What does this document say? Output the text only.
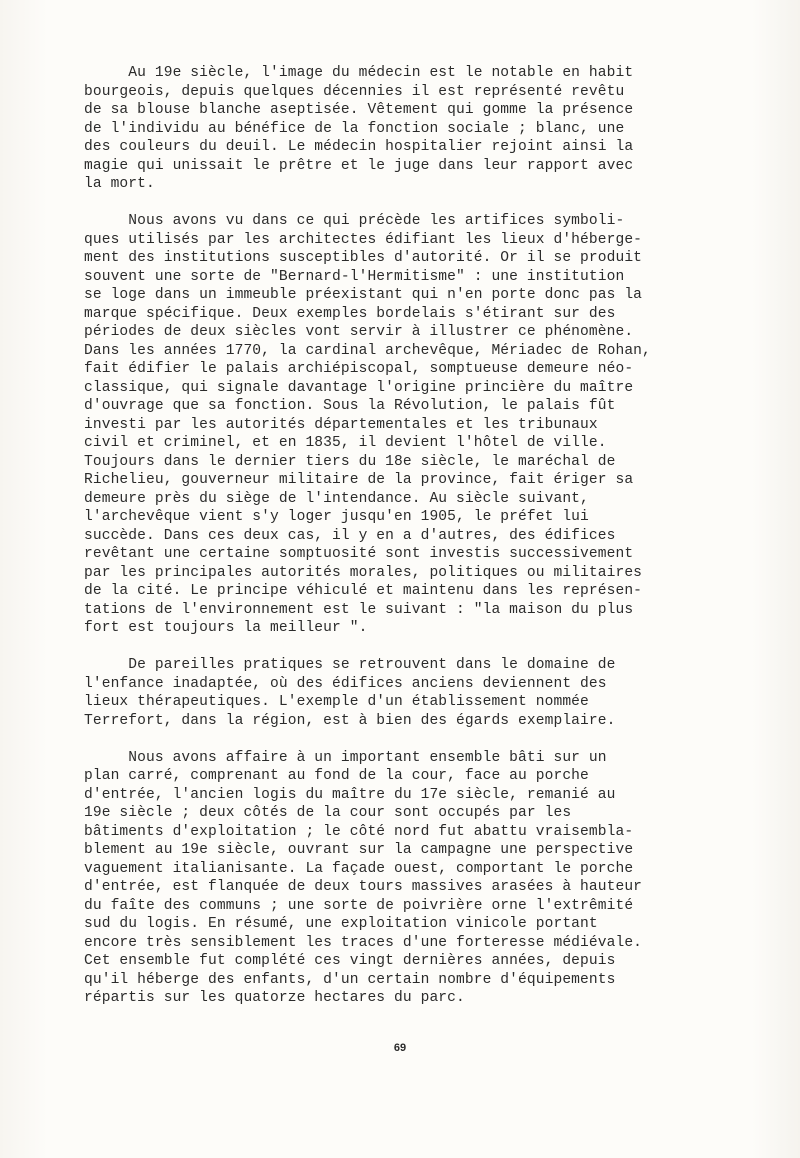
Au 19e siècle, l'image du médecin est le notable en habit
bourgeois, depuis quelques décennies il est représenté revêtu
de sa blouse blanche aseptisée. Vêtement qui gomme la présence
de l'individu au bénéfice de la fonction sociale ; blanc, une
des couleurs du deuil. Le médecin hospitalier rejoint ainsi la
magie qui unissait le prêtre et le juge dans leur rapport avec
la mort.
Nous avons vu dans ce qui précède les artifices symboli-
ques utilisés par les architectes édifiant les lieux d'héberge-
ment des institutions susceptibles d'autorité. Or il se produit
souvent une sorte de "Bernard-l'Hermitisme" : une institution
se loge dans un immeuble préexistant qui n'en porte donc pas la
marque spécifique. Deux exemples bordelais s'étirant sur des
périodes de deux siècles vont servir à illustrer ce phénomène.
Dans les années 1770, la cardinal archevêque, Mériadec de Rohan,
fait édifier le palais archiépiscopal, somptueuse demeure néo-
classique, qui signale davantage l'origine princière du maître
d'ouvrage que sa fonction. Sous la Révolution, le palais fût
investi par les autorités départementales et les tribunaux
civil et criminel, et en 1835, il devient l'hôtel de ville.
Toujours dans le dernier tiers du 18e siècle, le maréchal de
Richelieu, gouverneur militaire de la province, fait ériger sa
demeure près du siège de l'intendance. Au siècle suivant,
l'archevêque vient s'y loger jusqu'en 1905, le préfet lui
succède. Dans ces deux cas, il y en a d'autres, des édifices
revêtant une certaine somptuosité sont investis successivement
par les principales autorités morales, politiques ou militaires
de la cité. Le principe véhiculé et maintenu dans les représen-
tations de l'environnement est le suivant : "la maison du plus
fort est toujours la meilleur ".
De pareilles pratiques se retrouvent dans le domaine de
l'enfance inadaptée, où des édifices anciens deviennent des
lieux thérapeutiques. L'exemple d'un établissement nommée
Terrefort, dans la région, est à bien des égards exemplaire.
Nous avons affaire à un important ensemble bâti sur un
plan carré, comprenant au fond de la cour, face au porche
d'entrée, l'ancien logis du maître du 17e siècle, remanié au
19e siècle ; deux côtés de la cour sont occupés par les
bâtiments d'exploitation ; le côté nord fut abattu vraisembla-
blement au 19e siècle, ouvrant sur la campagne une perspective
vaguement italianisante. La façade ouest, comportant le porche
d'entrée, est flanquée de deux tours massives arasées à hauteur
du faîte des communs ; une sorte de poivrière orne l'extrêmité
sud du logis. En résumé, une exploitation vinicole portant
encore très sensiblement les traces d'une forteresse médiévale.
Cet ensemble fut complété ces vingt dernières années, depuis
qu'il héberge des enfants, d'un certain nombre d'équipements
répartis sur les quatorze hectares du parc.
69
